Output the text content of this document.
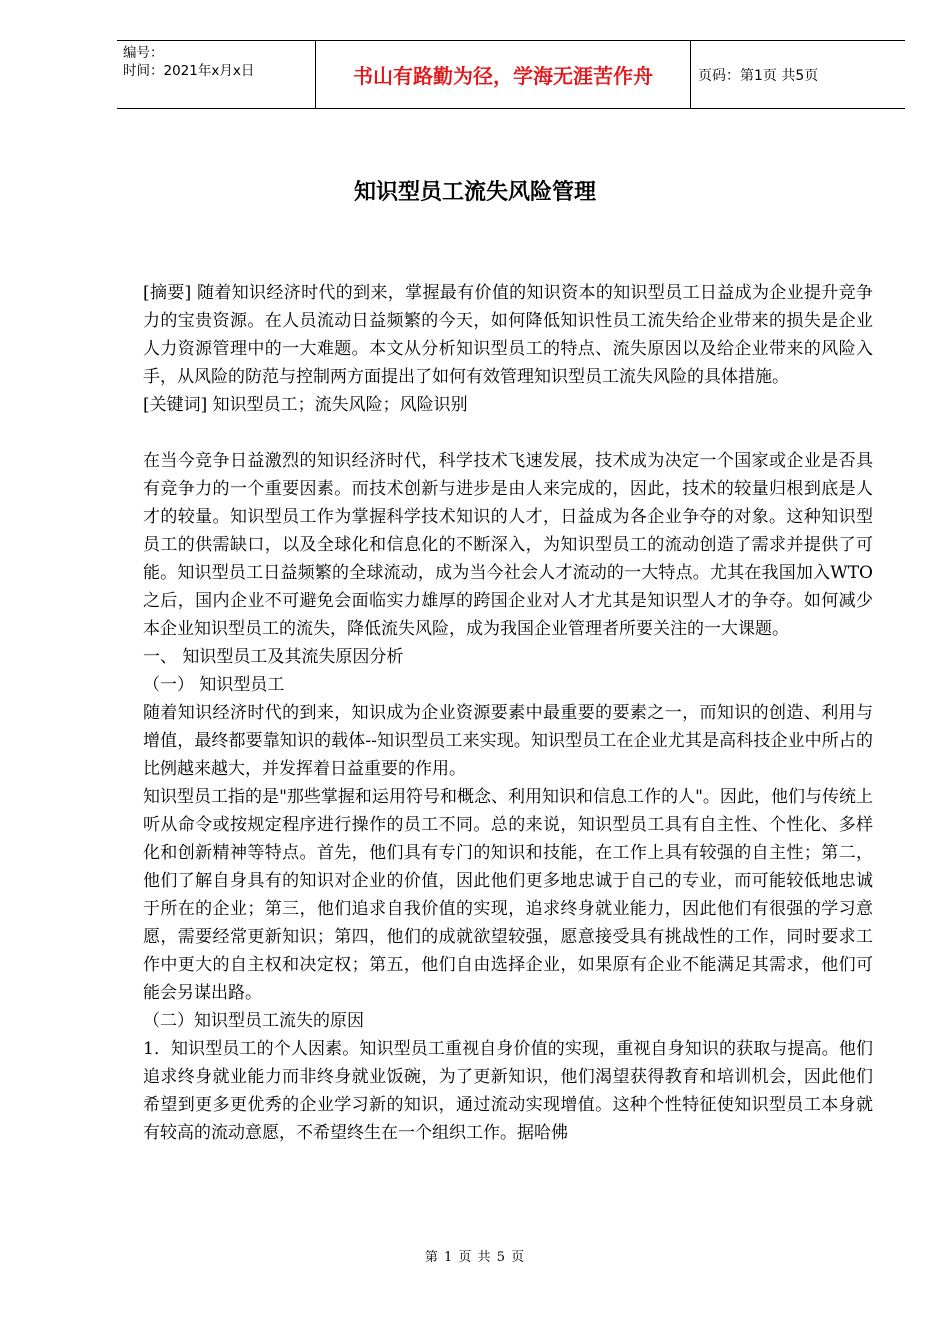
编号：
时间：2021年x月x日	书山有路勤为径，学海无涯苦作舟	页码：第1页 共5页
知识型员工流失风险管理

[摘要] 随着知识经济时代的到来，掌握最有价值的知识资本的知识型员工日益成为企业提升竞争力的宝贵资源。在人员流动日益频繁的今天，如何降低知识性员工流失给企业带来的损失是企业人力资源管理中的一大难题。本文从分析知识型员工的特点、流失原因以及给企业带来的风险入手，从风险的防范与控制两方面提出了如何有效管理知识型员工流失风险的具体措施。

[关键词] 知识型员工；流失风险；风险识别

在当今竞争日益激烈的知识经济时代，科学技术飞速发展，技术成为决定一个国家或企业是否具有竞争力的一个重要因素。而技术创新与进步是由人来完成的，因此，技术的较量归根到底是人才的较量。知识型员工作为掌握科学技术知识的人才，日益成为各企业争夺的对象。这种知识型员工的供需缺口，以及全球化和信息化的不断深入，为知识型员工的流动创造了需求并提供了可能。知识型员工日益频繁的全球流动，成为当今社会人才流动的一大特点。尤其在我国加入WTO之后，国内企业不可避免会面临实力雄厚的跨国企业对人才尤其是知识型人才的争夺。如何减少本企业知识型员工的流失，降低流失风险，成为我国企业管理者所要关注的一大课题。

一、 知识型员工及其流失原因分析

（一） 知识型员工

随着知识经济时代的到来，知识成为企业资源要素中最重要的要素之一，而知识的创造、利用与增值，最终都要靠知识的载体--知识型员工来实现。知识型员工在企业尤其是高科技企业中所占的比例越来越大，并发挥着日益重要的作用。

知识型员工指的是"那些掌握和运用符号和概念、利用知识和信息工作的人"。因此，他们与传统上听从命令或按规定程序进行操作的员工不同。总的来说，知识型员工具有自主性、个性化、多样化和创新精神等特点。首先，他们具有专门的知识和技能，在工作上具有较强的自主性；第二，他们了解自身具有的知识对企业的价值，因此他们更多地忠诚于自己的专业，而可能较低地忠诚于所在的企业；第三，他们追求自我价值的实现，追求终身就业能力，因此他们有很强的学习意愿，需要经常更新知识；第四，他们的成就欲望较强，愿意接受具有挑战性的工作，同时要求工作中更大的自主权和决定权；第五，他们自由选择企业，如果原有企业不能满足其需求，他们可能会另谋出路。

（二）知识型员工流失的原因

1．知识型员工的个人因素。知识型员工重视自身价值的实现，重视自身知识的获取与提高。他们追求终身就业能力而非终身就业饭碗，为了更新知识，他们渴望获得教育和培训机会，因此他们希望到更多更优秀的企业学习新的知识，通过流动实现增值。这种个性特征使知识型员工本身就有较高的流动意愿，不希望终生在一个组织工作。据哈佛

第 1 页 共 5 页
